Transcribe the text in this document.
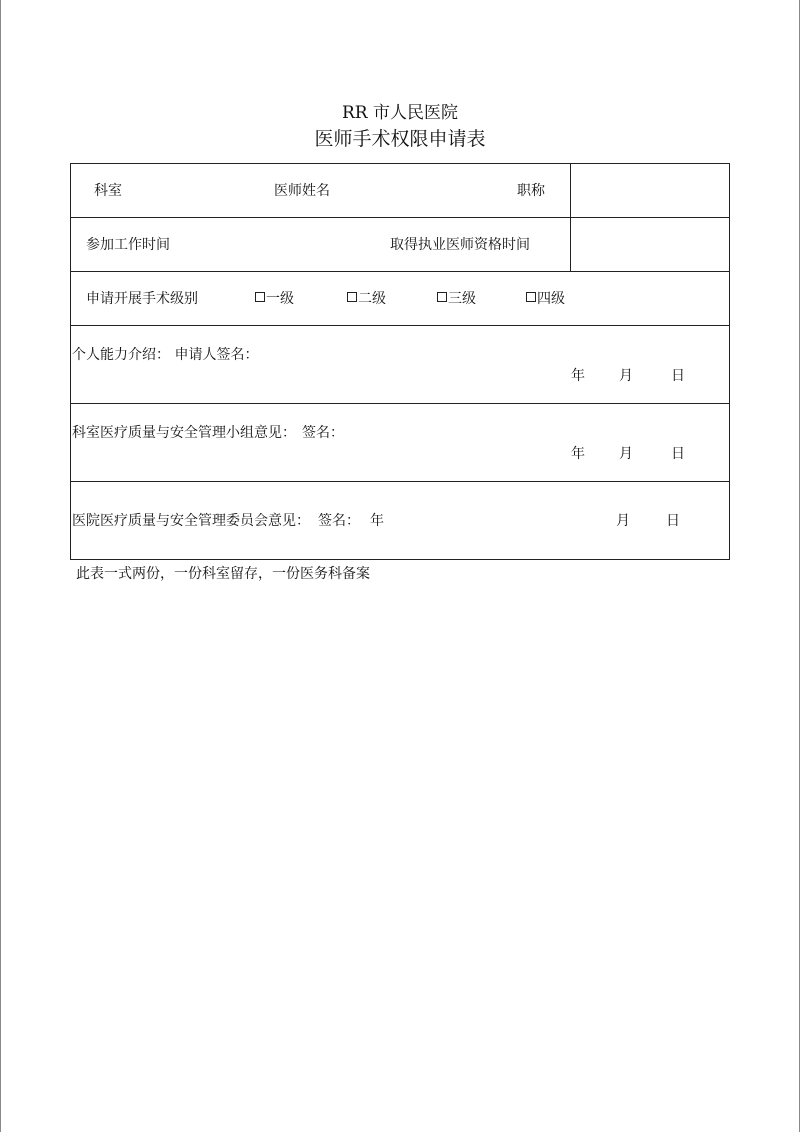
RR 市人民医院
医师手术权限申请表
科室	医师姓名	职称
参加工作时间	取得执业医师资格时间
申请开展手术级别	一级	二级	三级	四级
个人能力介绍： 申请人签名：
年 月	日
科室医疗质量与安全管理小组意见： 签名：
年 月	日
医院医疗质量与安全管理委员会意见： 签名： 年	月	日
此表一式两份，一份科室留存，一份医务科备案
